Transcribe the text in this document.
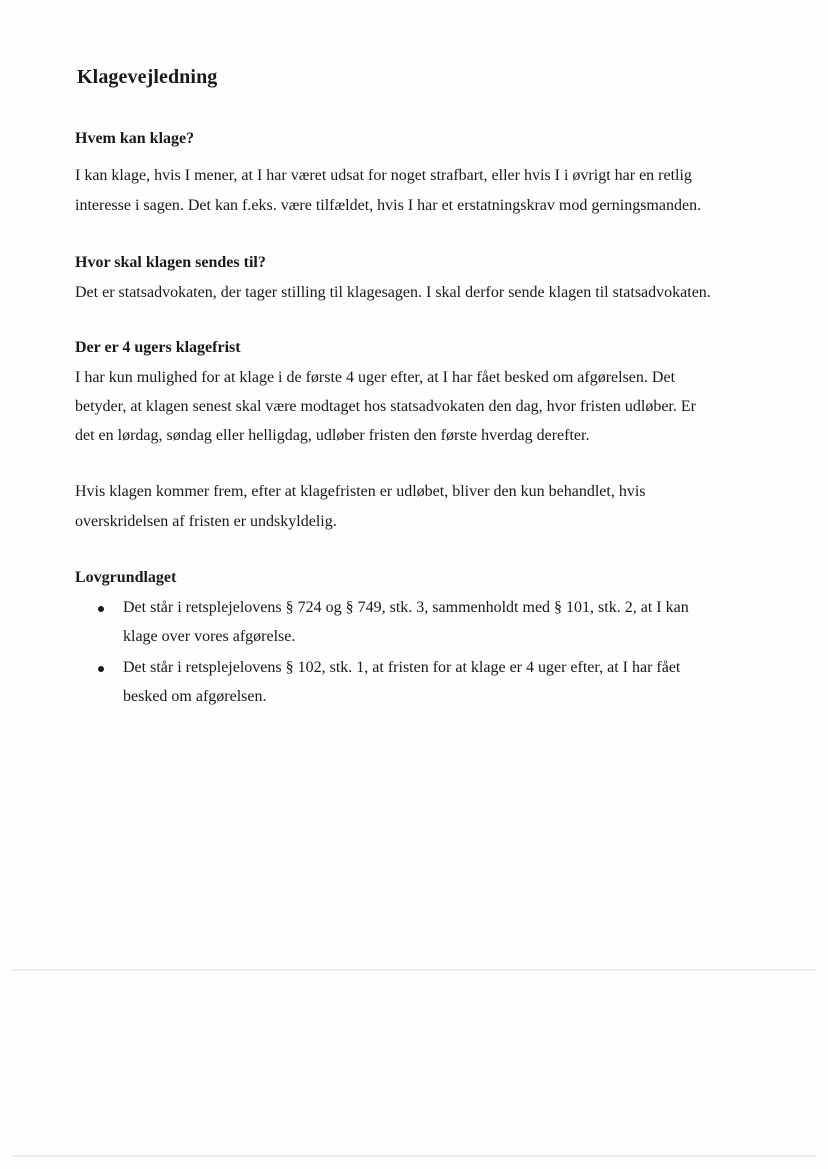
Klagevejledning
Hvem kan klage?

I kan klage, hvis I mener, at I har været udsat for noget strafbart, eller hvis I i øvrigt har en retlig

interesse i sagen. Det kan f.eks. være tilfældet, hvis I har et erstatningskrav mod gerningsmanden.

Hvor skal klagen sendes til?

Det er statsadvokaten, der tager stilling til klagesagen. I skal derfor sende klagen til statsadvokaten.

Der er 4 ugers klagefrist

I har kun mulighed for at klage i de første 4 uger efter, at I har fået besked om afgørelsen. Det

betyder, at klagen senest skal være modtaget hos statsadvokaten den dag, hvor fristen udløber. Er

det en lørdag, søndag eller helligdag, udløber fristen den første hverdag derefter.

Hvis klagen kommer frem, efter at klagefristen er udløbet, bliver den kun behandlet, hvis

overskridelsen af fristen er undskyldelig.

Lovgrundlaget

Det står i retsplejelovens § 724 og § 749, stk. 3, sammenholdt med § 101, stk. 2, at I kan

klage over vores afgørelse.

Det står i retsplejelovens § 102, stk. 1, at fristen for at klage er 4 uger efter, at I har fået

besked om afgørelsen.
